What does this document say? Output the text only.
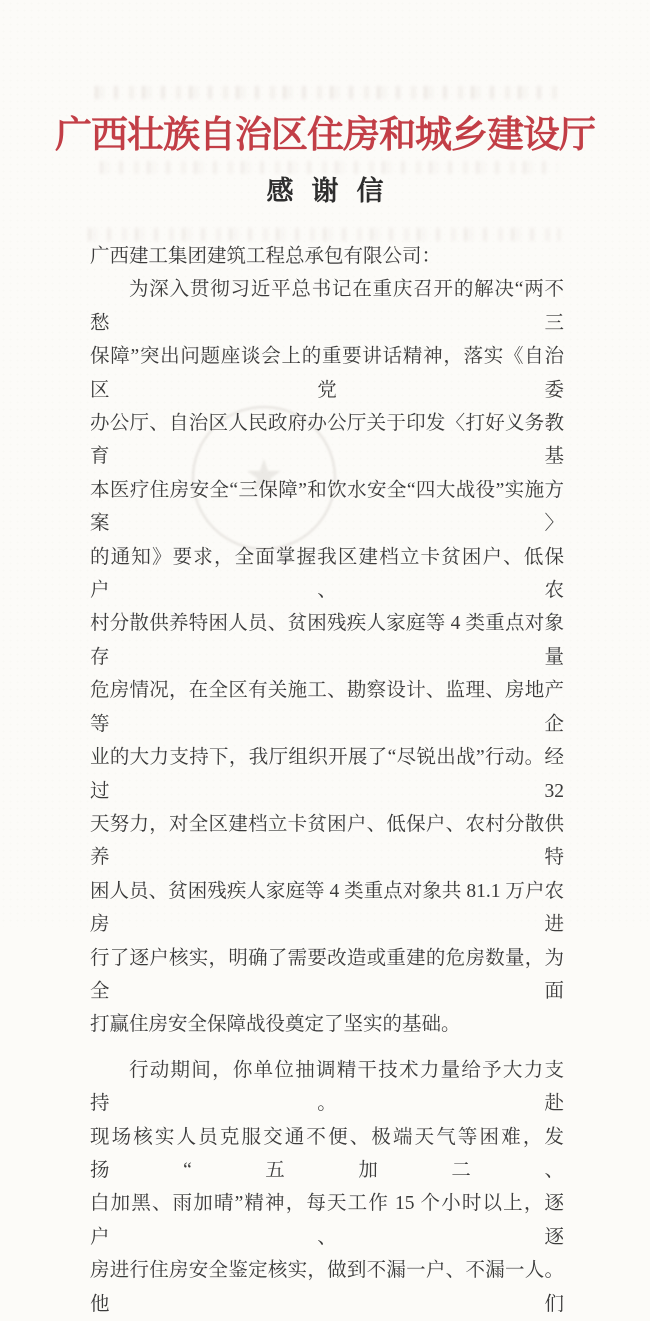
广西壮族自治区住房和城乡建设厅
感谢信
★
广西建工集团建筑工程总承包有限公司：
为深入贯彻习近平总书记在重庆召开的解决“两不愁三
保障”突出问题座谈会上的重要讲话精神，落实《自治区党委
办公厅、自治区人民政府办公厅关于印发〈打好义务教育基
本医疗住房安全“三保障”和饮水安全“四大战役”实施方案〉
的通知》要求，全面掌握我区建档立卡贫困户、低保户、农
村分散供养特困人员、贫困残疾人家庭等 4 类重点对象存量
危房情况，在全区有关施工、勘察设计、监理、房地产等企
业的大力支持下，我厅组织开展了“尽锐出战”行动。经过 32
天努力，对全区建档立卡贫困户、低保户、农村分散供养特
困人员、贫困残疾人家庭等 4 类重点对象共 81.1 万户农房进
行了逐户核实，明确了需要改造或重建的危房数量，为全面
打赢住房安全保障战役奠定了坚实的基础。
行动期间，你单位抽调精干技术力量给予大力支持。赴
现场核实人员克服交通不便、极端天气等困难，发扬“五加二、
白加黑、雨加晴”精神，每天工作 15 个小时以上，逐户、逐
房进行住房安全鉴定核实，做到不漏一户、不漏一人。他们
